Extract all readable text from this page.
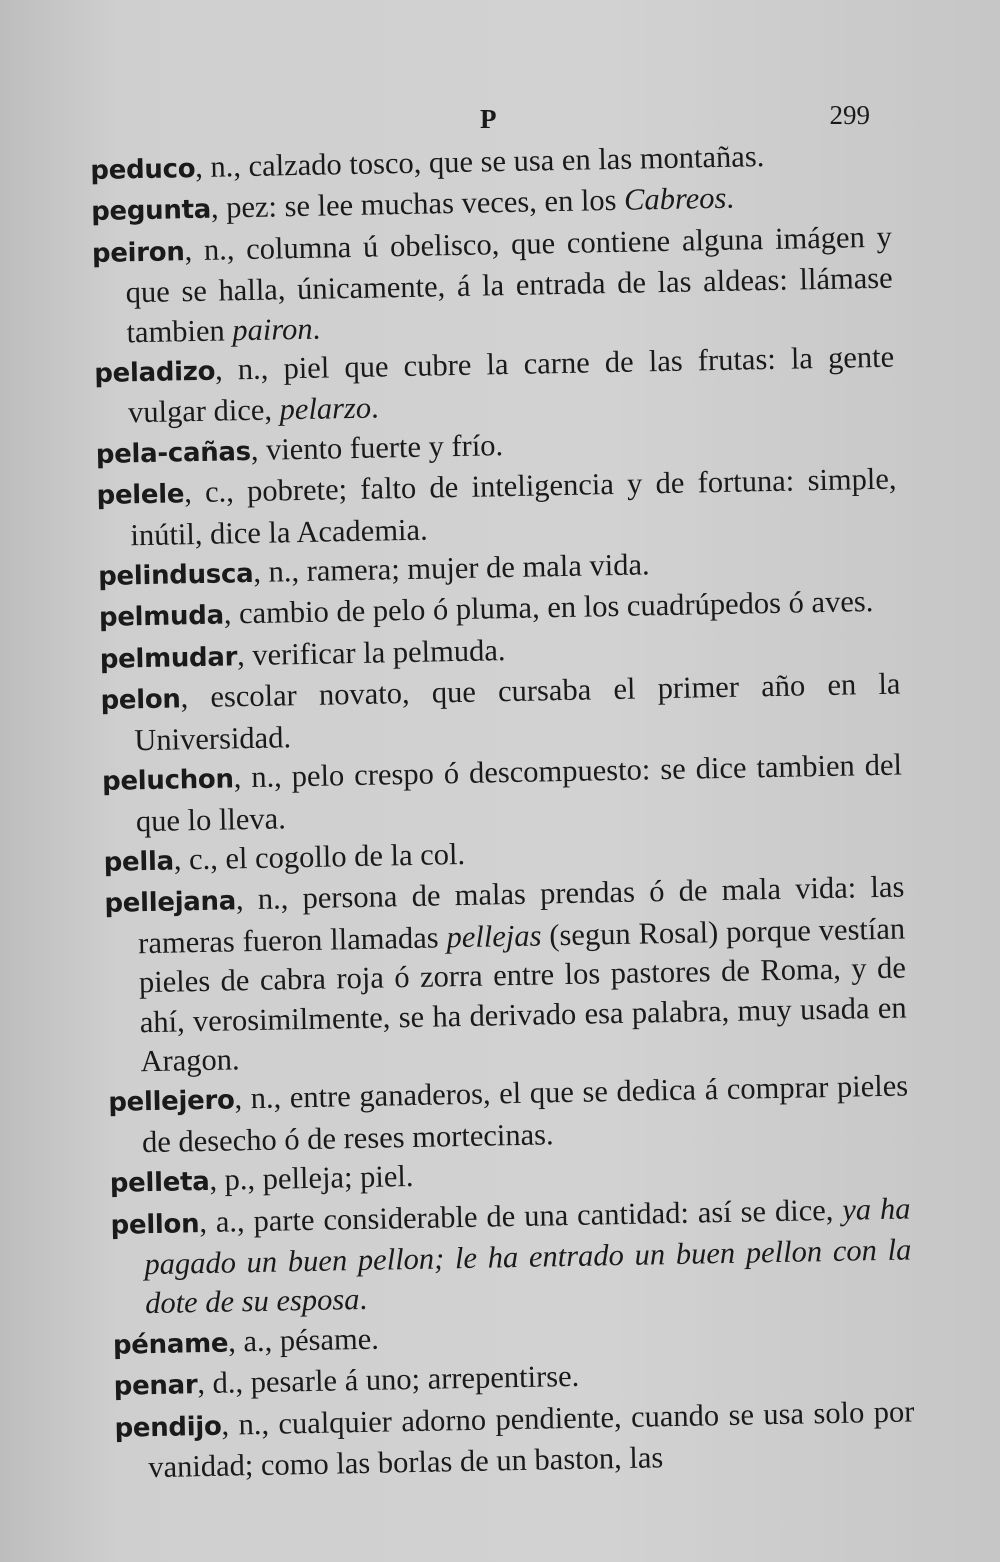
P	299

peduco, n., calzado tosco, que se usa en las montañas.

pegunta, pez: se lee muchas veces, en los Cabreos.

peiron, n., columna ú obelisco, que contiene alguna imágen y que se halla, únicamente, á la entrada de las aldeas: llámase tambien pairon.

peladizo, n., piel que cubre la carne de las frutas: la gente vulgar dice, pelarzo.

pela-cañas, viento fuerte y frío.

pelele, c., pobrete; falto de inteligencia y de fortuna: simple, inútil, dice la Academia.

pelindusca, n., ramera; mujer de mala vida.

pelmuda, cambio de pelo ó pluma, en los cuadrúpedos ó aves.

pelmudar, verificar la pelmuda.

pelon, escolar novato, que cursaba el primer año en la Universidad.

peluchon, n., pelo crespo ó descompuesto: se dice tambien del que lo lleva.

pella, c., el cogollo de la col.

pellejana, n., persona de malas prendas ó de mala vida: las rameras fueron llamadas pellejas (segun Rosal) porque vestían pieles de cabra roja ó zorra entre los pastores de Roma, y de ahí, verosimilmente, se ha derivado esa palabra, muy usada en Aragon.

pellejero, n., entre ganaderos, el que se dedica á comprar pieles de desecho ó de reses mortecinas.

pelleta, p., pelleja; piel.

pellon, a., parte considerable de una cantidad: así se dice, ya ha pagado un buen pellon; le ha entrado un buen pellon con la dote de su esposa.

péname, a., pésame.

penar, d., pesarle á uno; arrepentirse.

pendijo, n., cualquier adorno pendiente, cuando se usa solo por vanidad; como las borlas de un baston, las
